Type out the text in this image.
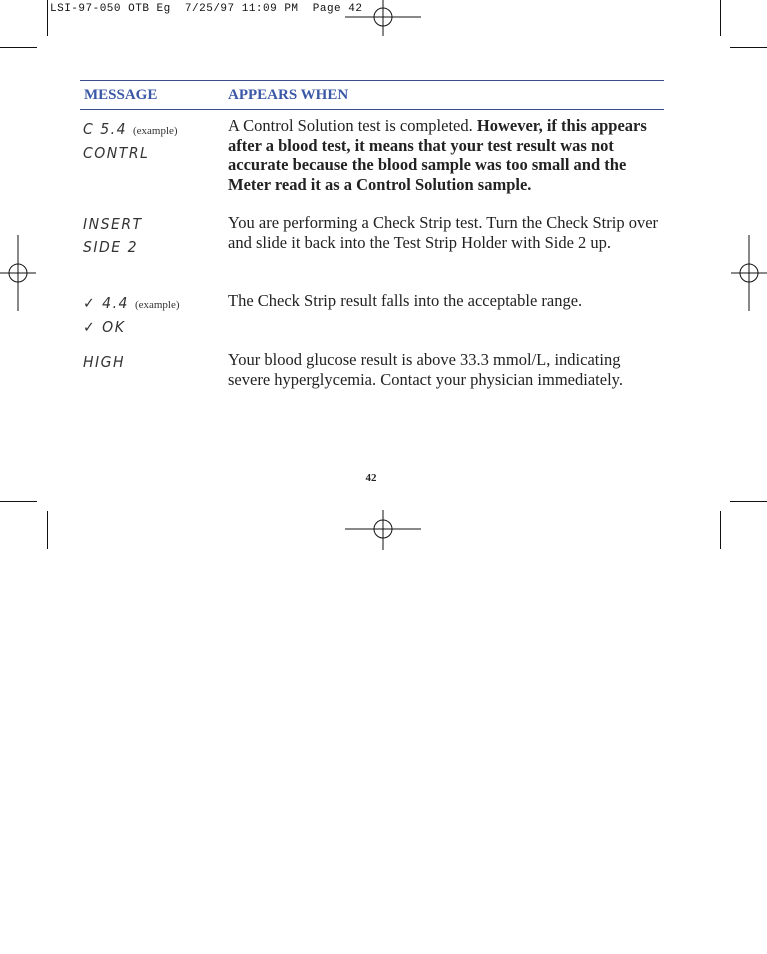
LSI-97-050 OTB Eg  7/25/97 11:09 PM  Page 42
MESSAGE	APPEARS WHEN
C 5.4 (example)
CONTRL
A Control Solution test is completed. However, if this appears after a blood test, it means that your test result was not accurate because the blood sample was too small and the Meter read it as a Control Solution sample.
INSERT
SIDE 2
You are performing a Check Strip test. Turn the Check Strip over and slide it back into the Test Strip Holder with Side 2 up.
✓ 4.4 (example)
✓ OK
The Check Strip result falls into the acceptable range.
HIGH	Your blood glucose result is above 33.3 mmol/L, indicating severe hyperglycemia. Contact your physician immediately.
42
